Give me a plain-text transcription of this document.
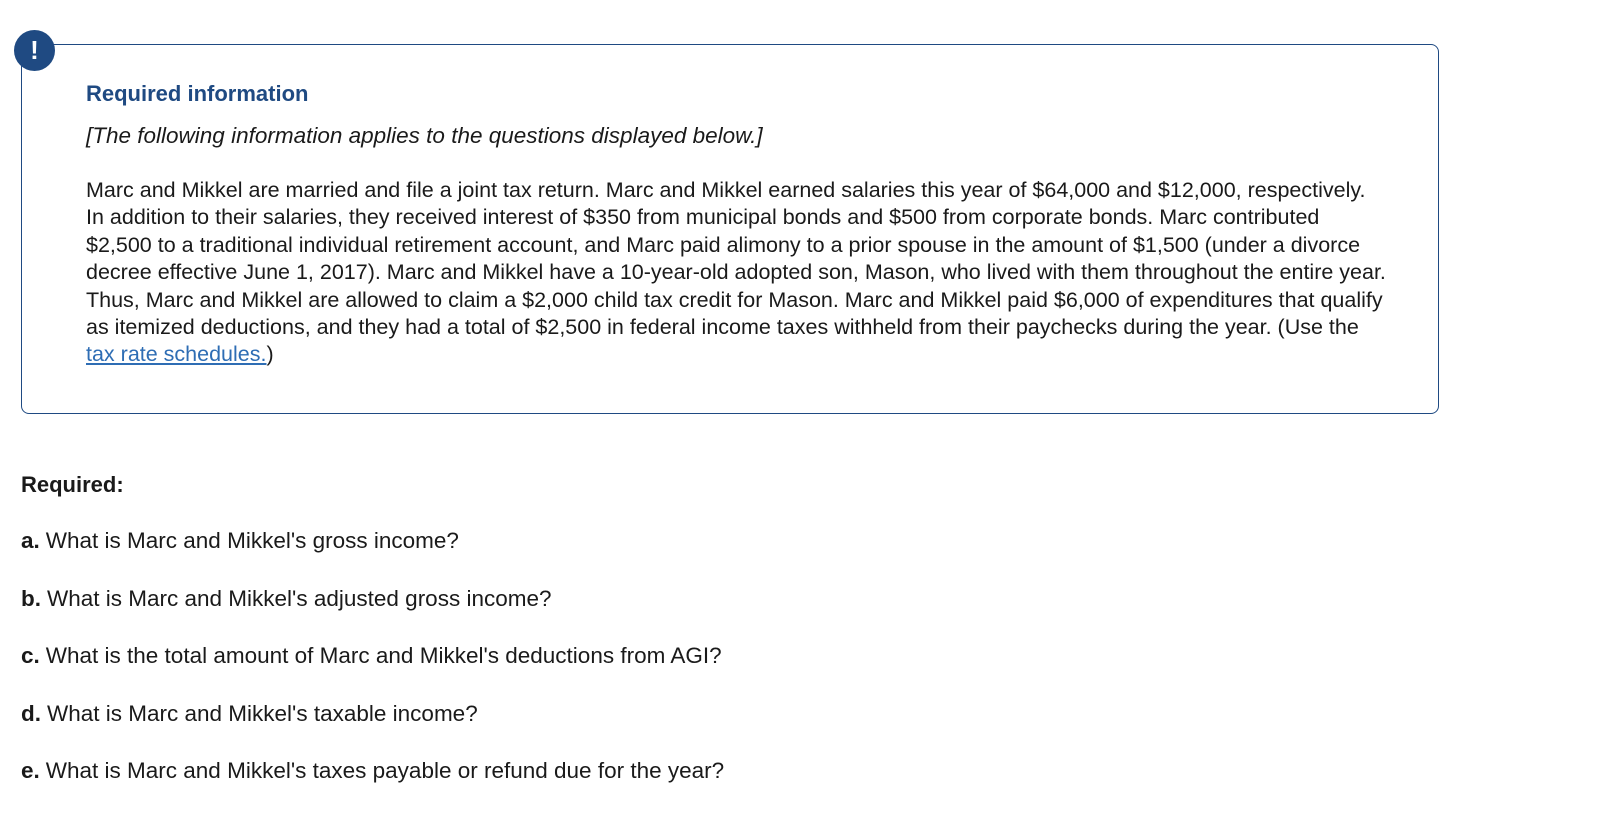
!

Required information

[The following information applies to the questions displayed below.]

Marc and Mikkel are married and file a joint tax return. Marc and Mikkel earned salaries this year of $64,000 and $12,000, respectively. In addition to their salaries, they received interest of $350 from municipal bonds and $500 from corporate bonds. Marc contributed $2,500 to a traditional individual retirement account, and Marc paid alimony to a prior spouse in the amount of $1,500 (under a divorce decree effective June 1, 2017). Marc and Mikkel have a 10-year-old adopted son, Mason, who lived with them throughout the entire year. Thus, Marc and Mikkel are allowed to claim a $2,000 child tax credit for Mason. Marc and Mikkel paid $6,000 of expenditures that qualify as itemized deductions, and they had a total of $2,500 in federal income taxes withheld from their paychecks during the year. (Use the tax rate schedules.)

Required:

a. What is Marc and Mikkel's gross income?
b. What is Marc and Mikkel's adjusted gross income?
c. What is the total amount of Marc and Mikkel's deductions from AGI?
d. What is Marc and Mikkel's taxable income?
e. What is Marc and Mikkel's taxes payable or refund due for the year?
